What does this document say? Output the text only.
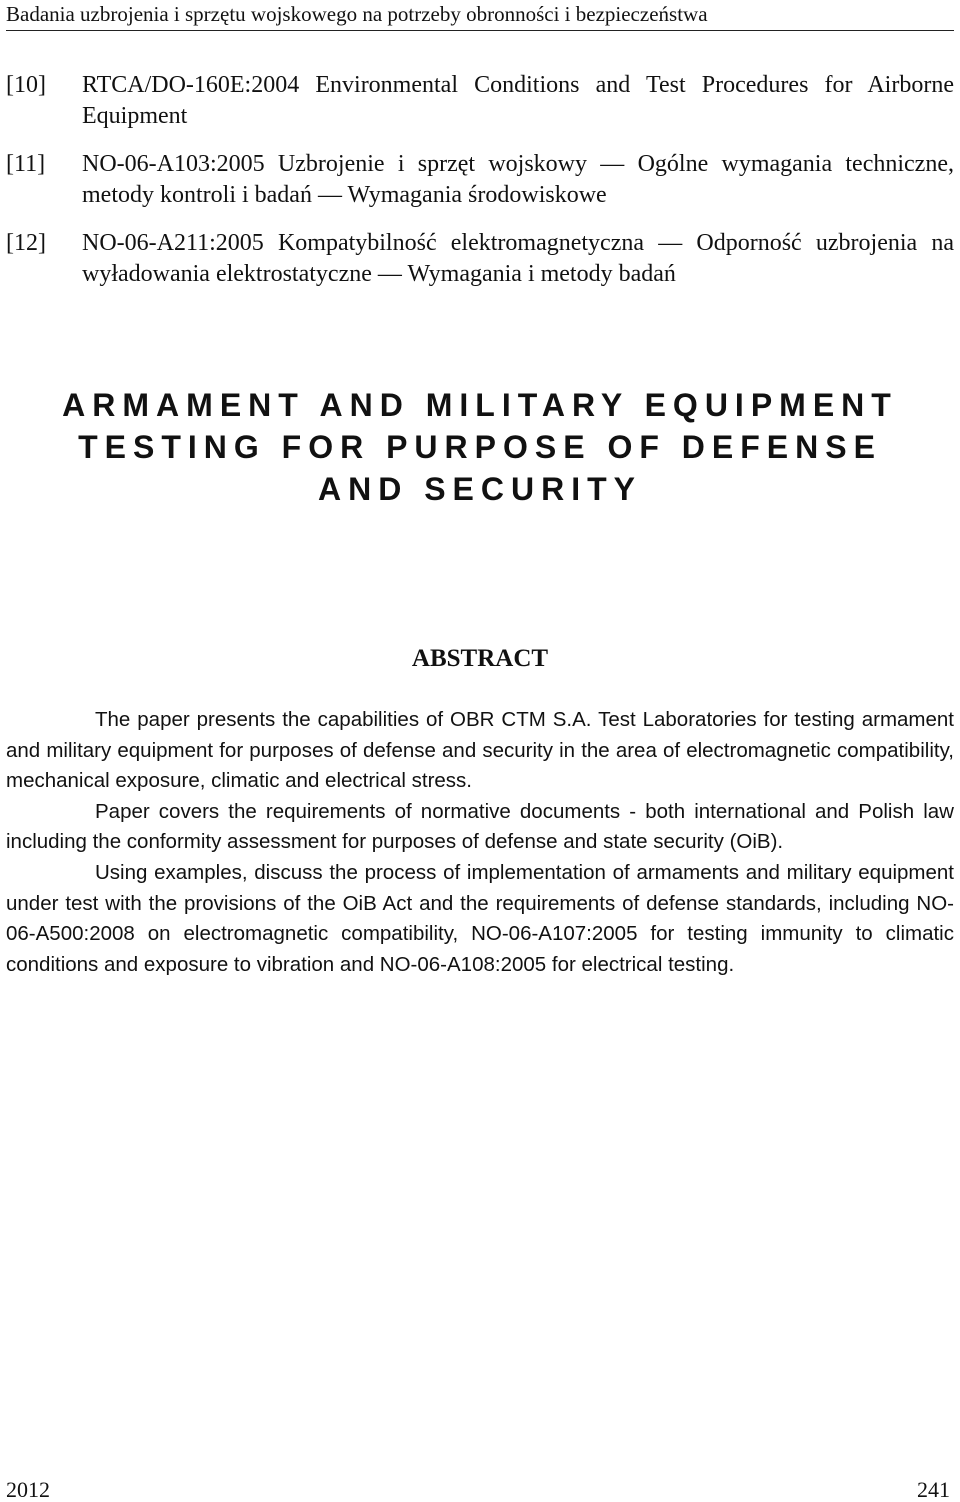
Badania uzbrojenia i sprzętu wojskowego na potrzeby obronności i bezpieczeństwa
[10]	RTCA/DO-160E:2004 Environmental Conditions and Test Procedures for Airborne Equipment
[11]	NO-06-A103:2005 Uzbrojenie i sprzęt wojskowy — Ogólne wymagania techniczne, metody kontroli i badań — Wymagania środowiskowe
[12]	NO-06-A211:2005 Kompatybilność elektromagnetyczna — Odporność uzbrojenia na wyładowania elektrostatyczne — Wymagania i metody badań
ARMAMENT AND MILITARY EQUIPMENT
TESTING FOR PURPOSE OF DEFENSE
AND SECURITY
ABSTRACT

The paper presents the capabilities of OBR CTM S.A. Test Laboratories for testing armament and military equipment for purposes of defense and security in the area of electromagnetic compatibility, mechanical exposure, climatic and electrical stress.

Paper covers the requirements of normative documents - both international and Polish law including the conformity assessment for purposes of defense and state security (OiB).

Using examples, discuss the process of implementation of armaments and military equipment under test with the provisions of the OiB Act and the requirements of defense standards, including NO-06-A500:2008 on electromagnetic compatibility, NO-06-A107:2005 for testing immunity to climatic conditions and exposure to vibration and NO-06-A108:2005 for electrical testing.

2012	241
